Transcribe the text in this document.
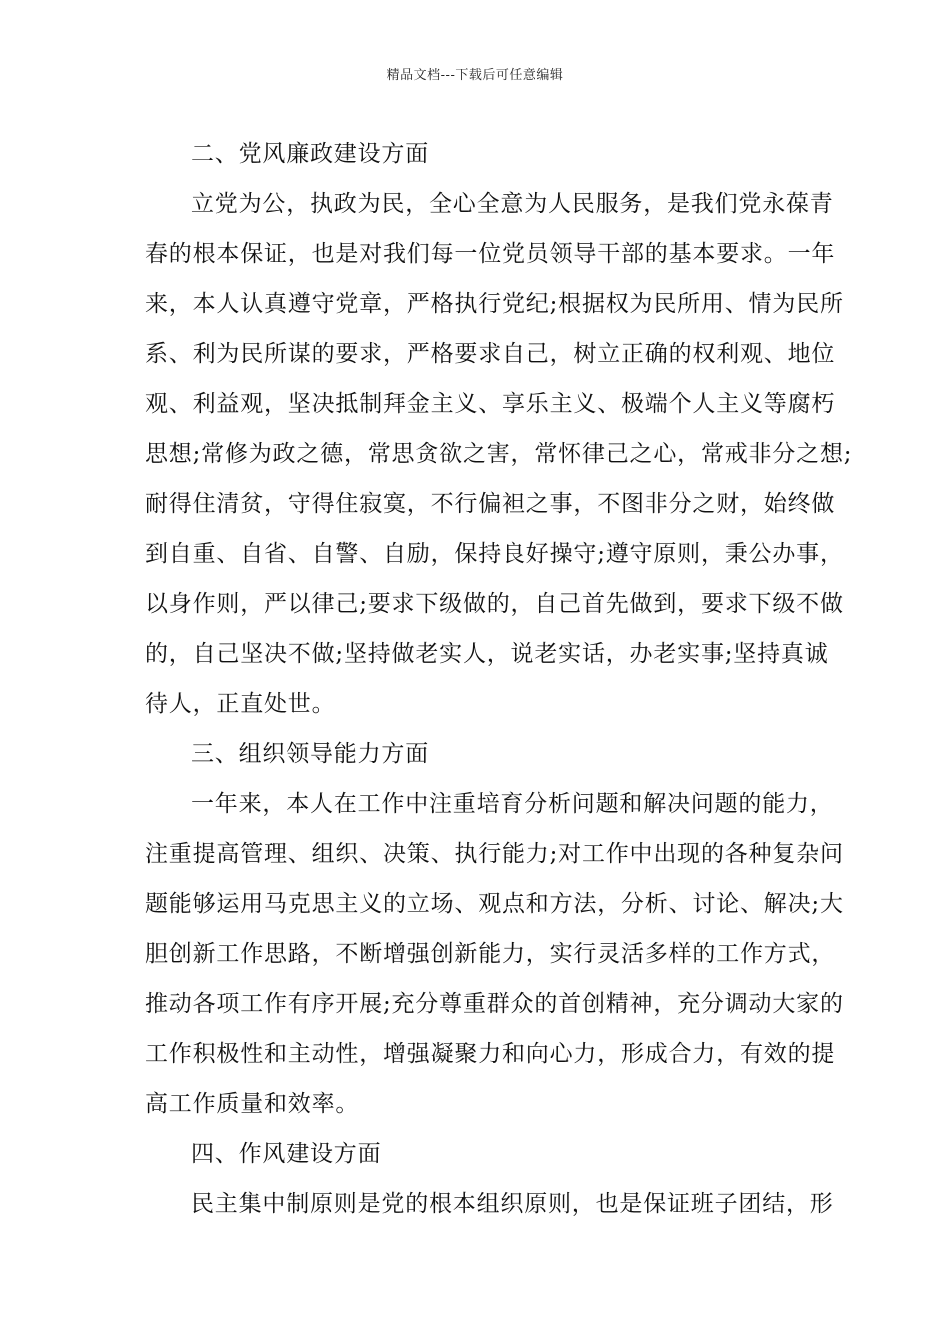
精品文档---下载后可任意编辑
二、党风廉政建设方面
立党为公，执政为民，全心全意为人民服务，是我们党永葆青
春的根本保证，也是对我们每一位党员领导干部的基本要求。一年
来，本人认真遵守党章，严格执行党纪;根据权为民所用、情为民所
系、利为民所谋的要求，严格要求自己，树立正确的权利观、地位
观、利益观，坚决抵制拜金主义、享乐主义、极端个人主义等腐朽
思想;常修为政之德，常思贪欲之害，常怀律己之心，常戒非分之想;
耐得住清贫，守得住寂寞，不行偏袒之事，不图非分之财，始终做
到自重、自省、自警、自励，保持良好操守;遵守原则，秉公办事，
以身作则，严以律己;要求下级做的，自己首先做到，要求下级不做
的，自己坚决不做;坚持做老实人，说老实话，办老实事;坚持真诚
待人，正直处世。
三、组织领导能力方面
一年来，本人在工作中注重培育分析问题和解决问题的能力，
注重提高管理、组织、决策、执行能力;对工作中出现的各种复杂问
题能够运用马克思主义的立场、观点和方法，分析、讨论、解决;大
胆创新工作思路，不断增强创新能力，实行灵活多样的工作方式，
推动各项工作有序开展;充分尊重群众的首创精神，充分调动大家的
工作积极性和主动性，增强凝聚力和向心力，形成合力，有效的提
高工作质量和效率。
四、作风建设方面
民主集中制原则是党的根本组织原则，也是保证班子团结，形
